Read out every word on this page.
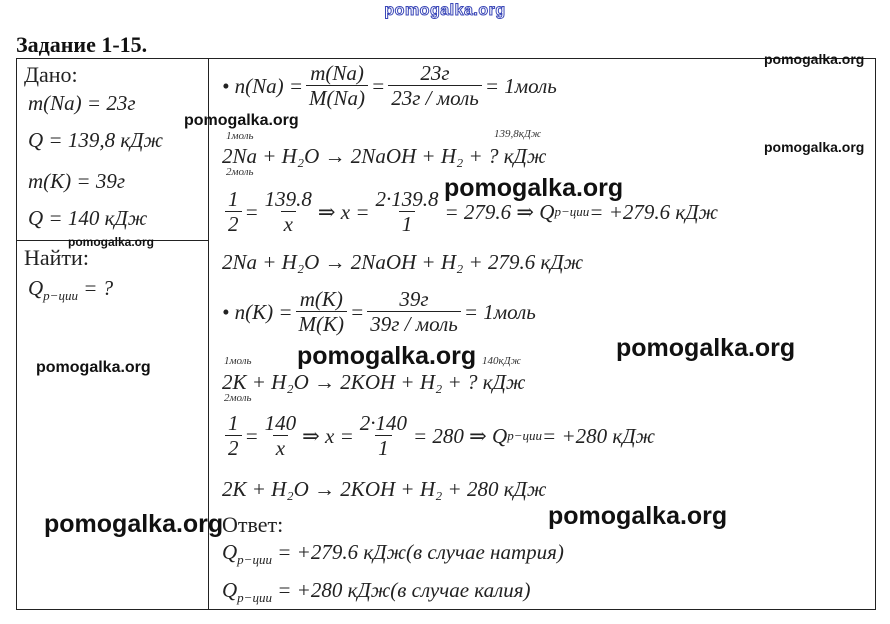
pomogalka.org
Задание 1-15.
Дано:
m(Na) = 23г
Q = 139,8 кДж
m(K) = 39г
Q = 140 кДж
Найти:
$Q_{р-ции}$ = ?
• $n(Na) = \frac{m(Na)}{M(Na)} = \frac{23г}{\text{23г / моль}}$ = 1моль
1моль	139,8кДж
2Na + H₂O → 2NaOH + H₂ + ? кДж
2моль
$\frac{1}{2} = \frac{139.8}{x}$ ⇒ $x = \frac{2\cdot 139.8}{1} = 279.6$ ⇒ Q р−ции = +279.6 кДж
2Na + H₂O → 2NaOH + H₂ + 279.6 кДж
• $n(K) = \frac{m(K)}{M(K)} = \frac{39г}{\text{39г / моль}}$ = 1моль
1моль	140кДж
2K + H₂O → 2KOH + H₂ + ? кДж
2моль
$\frac{1}{2} = \frac{140}{x}$ ⇒ $x = \frac{2\cdot 140}{1} = 280$ ⇒ Q р−ции = +280 кДж
2K + H₂O → 2KOH + H₂ + 280 кДж
Ответ:
$Q_{р-ции} = +279.6$ кДж(в случае натрия)
$Q_{р-ции} = +280$ кДж(в случае калия)
pomogalka.org
pomogalka.org
pomogalka.org
pomogalka.org
pomogalka.org
pomogalka.org	pomogalka.org
pomogalka.org
pomogalka.org	pomogalka.org
